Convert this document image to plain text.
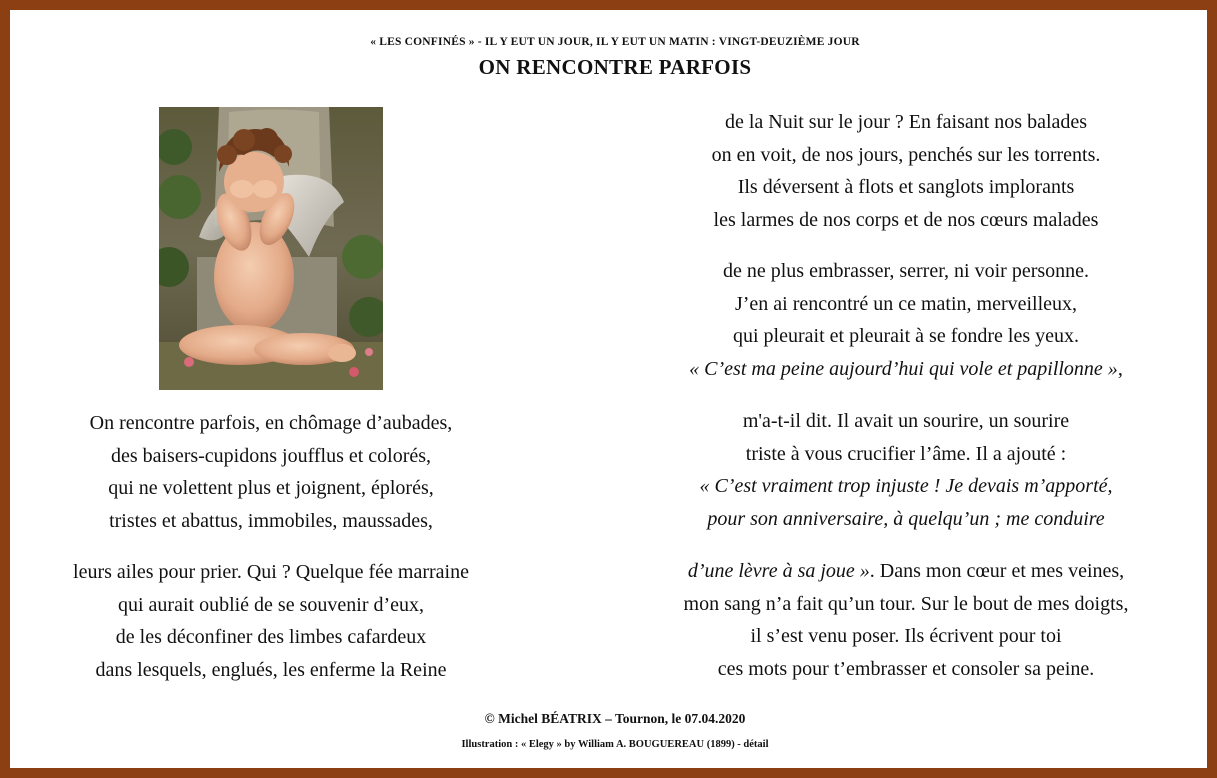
« LES CONFINÉS » - IL Y EUT UN JOUR, IL Y EUT UN MATIN : VINGT-DEUZIÈME JOUR
ON RENCONTRE PARFOIS
On rencontre parfois, en chômage d’aubades,
des baisers-cupidons joufflus et colorés,
qui ne volettent plus et joignent, éplorés,
tristes et abattus, immobiles, maussades,
leurs ailes pour prier. Qui ? Quelque fée marraine
qui aurait oublié de se souvenir d’eux,
de les déconfiner des limbes cafardeux
dans lesquels, englués, les enferme la Reine
de la Nuit sur le jour ? En faisant nos balades
on en voit, de nos jours, penchés sur les torrents.
Ils déversent à flots et sanglots implorants
les larmes de nos corps et de nos cœurs malades
de ne plus embrasser, serrer, ni voir personne.
J’en ai rencontré un ce matin, merveilleux,
qui pleurait et pleurait à se fondre les yeux.
« C’est ma peine aujourd’hui qui vole et papillonne »,
m'a-t-il dit. Il avait un sourire, un sourire
triste à vous crucifier l’âme. Il a ajouté :
« C’est vraiment trop injuste ! Je devais m’apporté,
pour son anniversaire, à quelqu’un ; me conduire
d’une lèvre à sa joue ». Dans mon cœur et mes veines,
mon sang n’a fait qu’un tour. Sur le bout de mes doigts,
il s’est venu poser. Ils écrivent pour toi
ces mots pour t’embrasser et consoler sa peine.
© Michel BÉATRIX – Tournon, le 07.04.2020
Illustration : « Elegy » by William A. BOUGUEREAU (1899) - détail
